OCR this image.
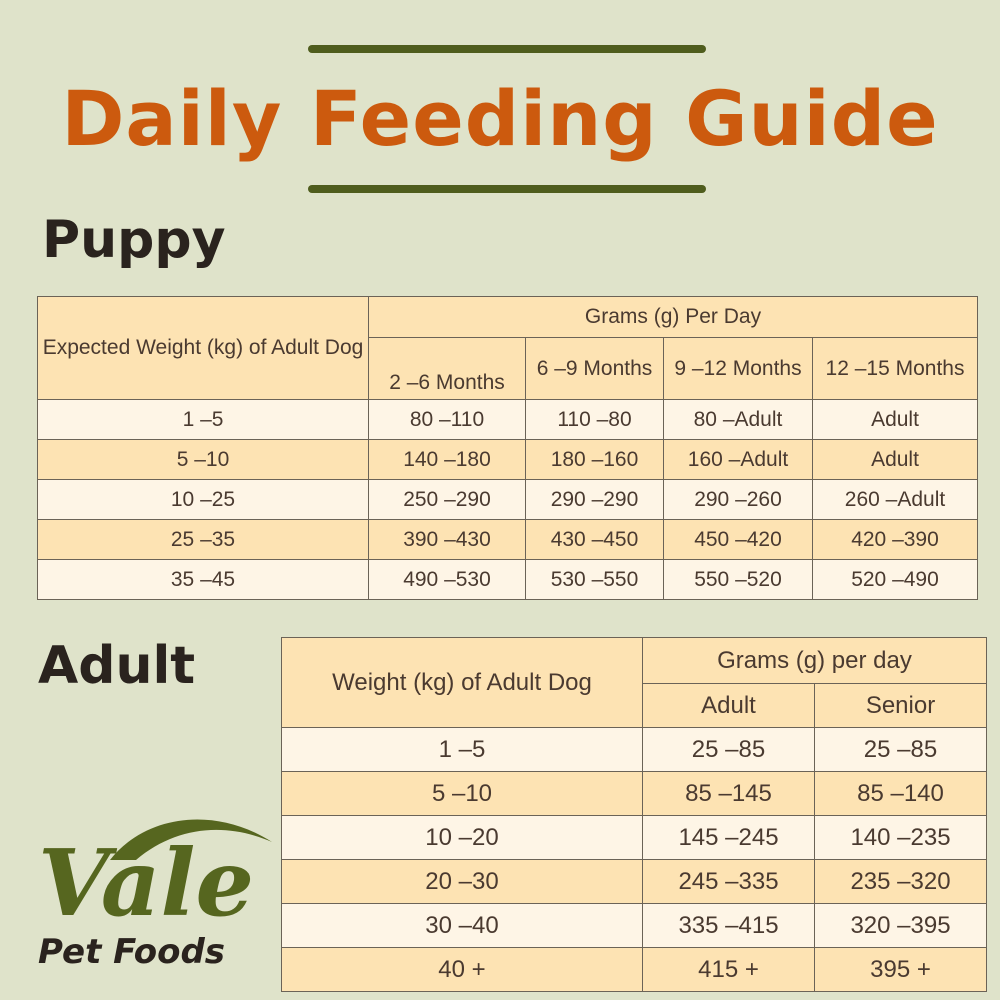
Daily Feeding Guide
Puppy
Expected Weight (kg) of Adult Dog	Grams (g) Per Day			
	2 –6 Months	6 –9 Months	9 –12 Months	12 –15 Months
1 –5	80 –110	110 –80	80 –Adult	Adult
5 –10	140 –180	180 –160	160 –Adult	Adult
10 –25	250 –290	290 –290	290 –260	260 –Adult
25 –35	390 –430	430 –450	450 –420	420 –390
35 –45	490 –530	530 –550	550 –520	520 –490
Adult	Weight (kg) of Adult Dog	Grams (g) per day	
	Adult	Senior
1 –5	25 –85	25 –85
5 –10	85 –145	85 –140
10 –20	145 –245	140 –235
20 –30	245 –335	235 –320
30 –40	335 –415	320 –395
40 +	415 +	395 +
Vale
Pet Foods
